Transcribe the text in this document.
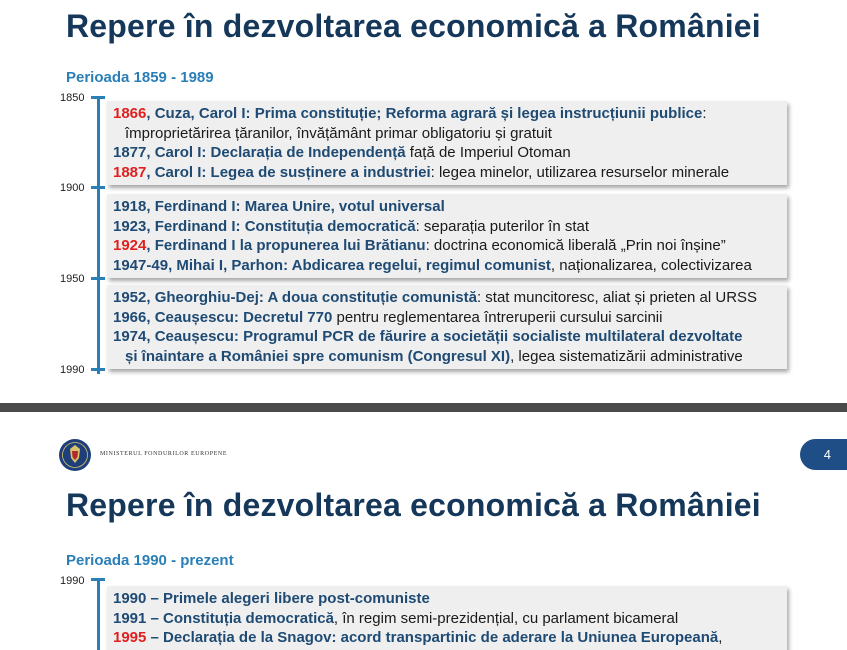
Repere în dezvoltarea economică a României
Perioada 1859 - 1989
1850
1900
1950
1990
1866, Cuza, Carol I: Prima constituție; Reforma agrară și legea instrucțiunii publice:
împroprietărirea țăranilor, învățământ primar obligatoriu și gratuit
1877, Carol I: Declarația de Independență față de Imperiul Otoman
1887, Carol I: Legea de susținere a industriei: legea minelor, utilizarea resurselor minerale
1918, Ferdinand I: Marea Unire, votul universal
1923, Ferdinand I: Constituția democratică: separația puterilor în stat
1924, Ferdinand I la propunerea lui Brătianu: doctrina economică liberală „Prin noi înșine”
1947-49, Mihai I, Parhon: Abdicarea regelui, regimul comunist, naționalizarea, colectivizarea
1952, Gheorghiu-Dej: A doua constituție comunistă: stat muncitoresc, aliat și prieten al URSS
1966, Ceaușescu: Decretul 770 pentru reglementarea întreruperii cursului sarcinii
1974, Ceaușescu: Programul PCR de făurire a societății socialiste multilateral dezvoltate
și înaintare a României spre comunism (Congresul XI), legea sistematizării administrative
MINISTERUL FONDURILOR EUROPENE	4
Repere în dezvoltarea economică a României
Perioada 1990 - prezent
1990
1990 – Primele alegeri libere post-comuniste
1991 – Constituția democratică, în regim semi-prezidențial, cu parlament bicameral
1995 – Declarația de la Snagov: acord transpartinic de aderare la Uniunea Europeană,
